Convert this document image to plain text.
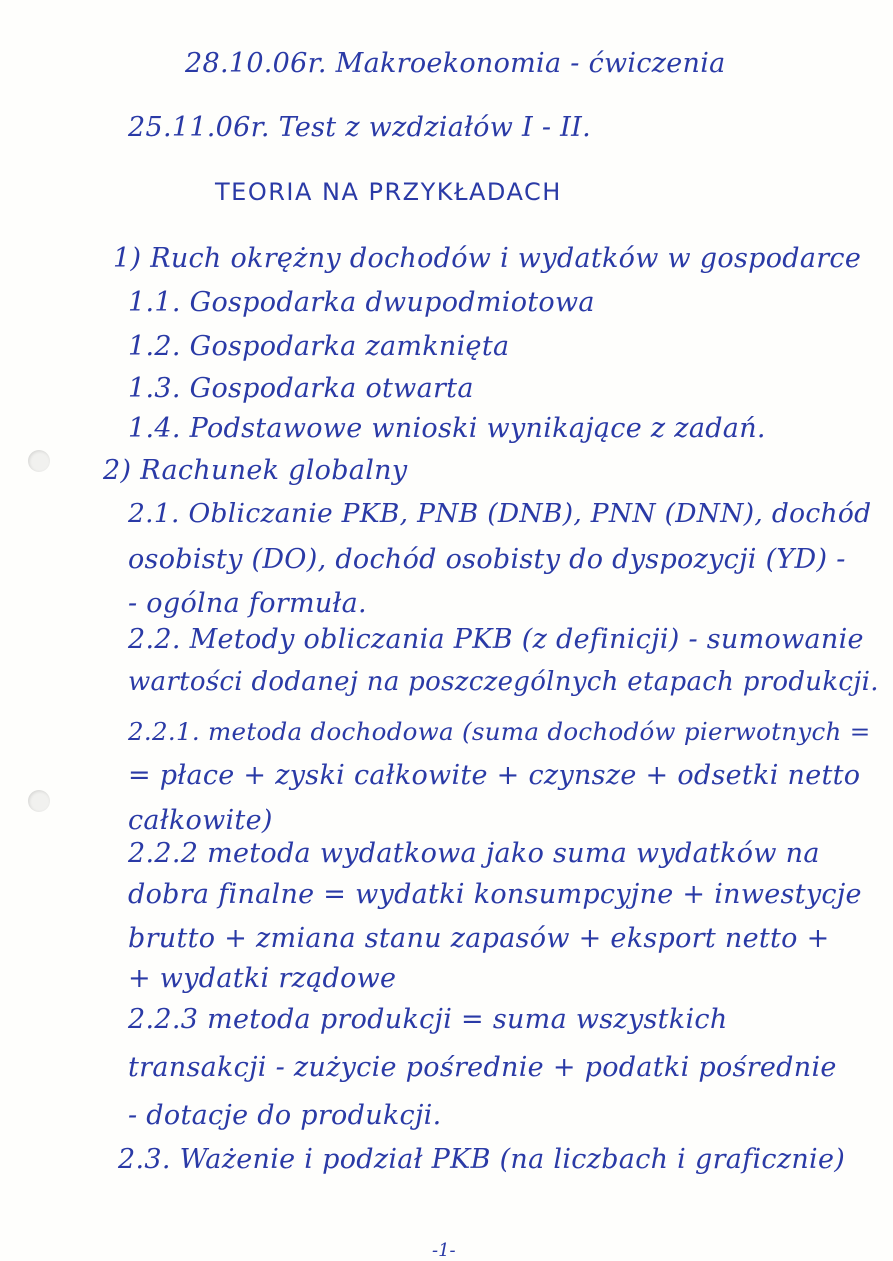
28.10.06r. Makroekonomia - ćwiczenia
25.11.06r. Test z wzdziałów I - II.
TEORIA NA PRZYKŁADACH
1) Ruch okrężny dochodów i wydatków w gospodarce
1.1. Gospodarka dwupodmiotowa
1.2. Gospodarka zamknięta
1.3. Gospodarka otwarta
1.4. Podstawowe wnioski wynikające z zadań.
2) Rachunek globalny
2.1. Obliczanie PKB, PNB (DNB), PNN (DNN), dochód
osobisty (DO), dochód osobisty do dyspozycji (YD) -
- ogólna formuła.
2.2. Metody obliczania PKB (z definicji) - sumowanie
wartości dodanej na poszczególnych etapach produkcji.
2.2.1. metoda dochodowa (suma dochodów pierwotnych =
= płace + zyski całkowite + czynsze + odsetki netto
całkowite)
2.2.2 metoda wydatkowa jako suma wydatków na
dobra finalne = wydatki konsumpcyjne + inwestycje
brutto + zmiana stanu zapasów + eksport netto +
+ wydatki rządowe
2.2.3 metoda produkcji = suma wszystkich
transakcji - zużycie pośrednie + podatki pośrednie
- dotacje do produkcji.
2.3. Ważenie i podział PKB (na liczbach i graficznie)
-1-
